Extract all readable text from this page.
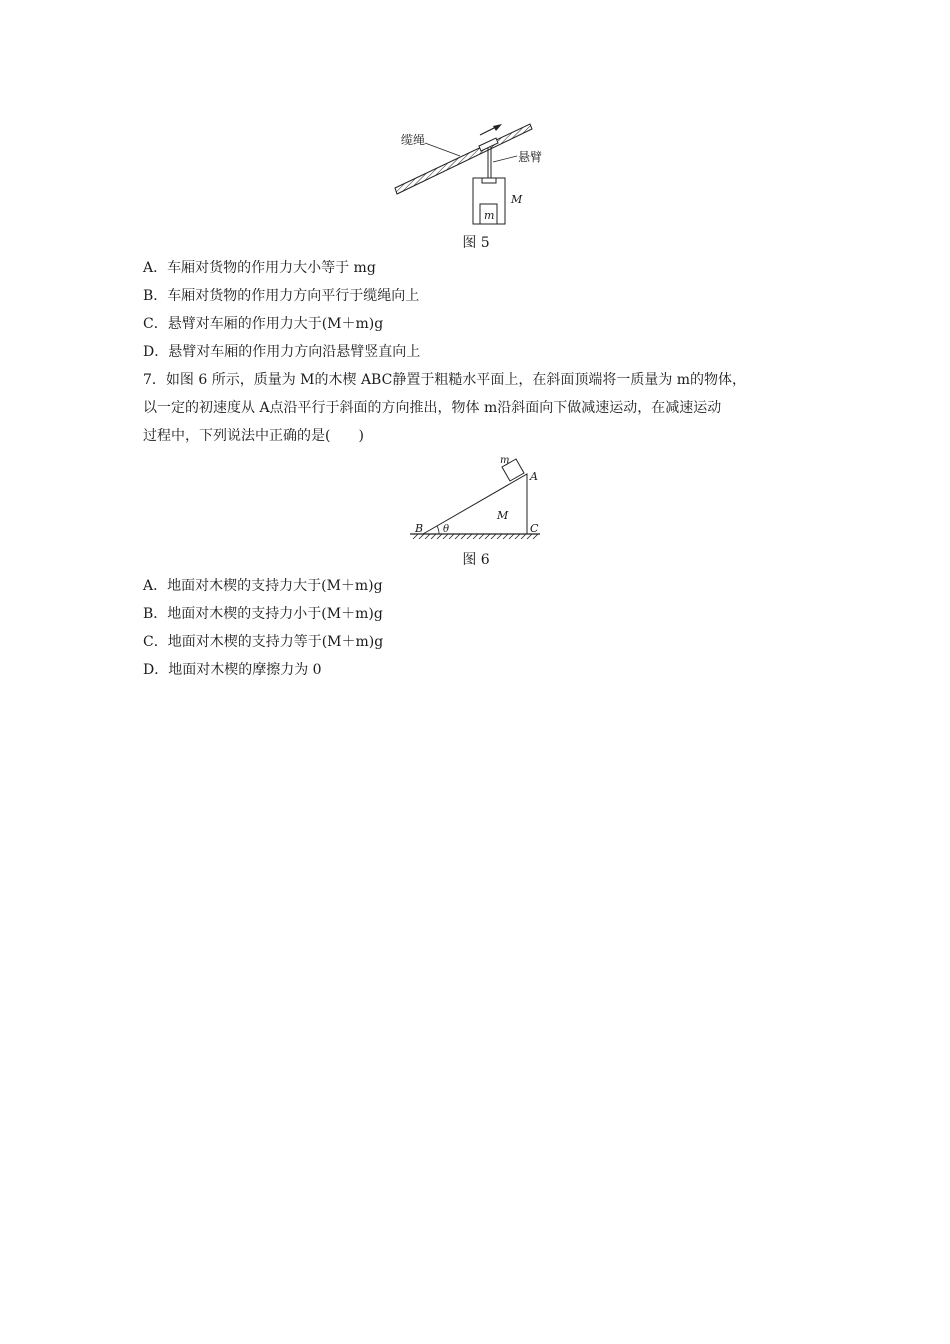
缆绳
悬臂
M
m
图 5
A．车厢对货物的作用力大小等于 mg
B．车厢对货物的作用力方向平行于缆绳向上
C．悬臂对车厢的作用力大于(M＋m)g
D．悬臂对车厢的作用力方向沿悬臂竖直向上
7．如图 6 所示，质量为 M的木楔 ABC静置于粗糙水平面上，在斜面顶端将一质量为 m的物体，
以一定的初速度从 A点沿平行于斜面的方向推出，物体 m沿斜面向下做减速运动，在减速运动
过程中，下列说法中正确的是(　　)
m
A
B	C
M
θ
图 6
A．地面对木楔的支持力大于(M＋m)g
B．地面对木楔的支持力小于(M＋m)g
C．地面对木楔的支持力等于(M＋m)g
D．地面对木楔的摩擦力为 0
